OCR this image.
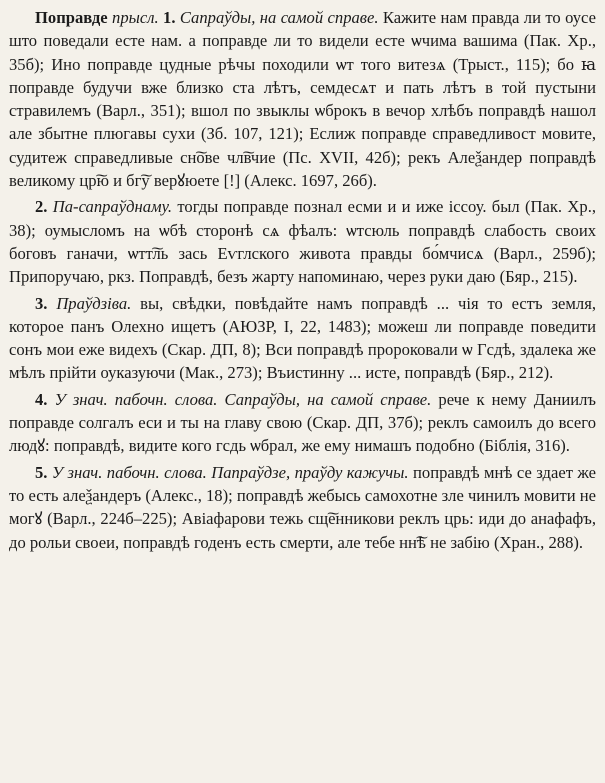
Поправде прысл. 1. Сапраўды, на самой справе. Кажите нам правда ли то оусе што поведали есте нам. а поправде ли то видели есте ѡчима вашима (Пак. Хр., 35б); Ино поправде цудные рѣчы походили ѡт того витезѧ (Трыст., 115); бо ꙗ поправде будучи вже близко ста лѣтъ, семдесѧт и пать лѣтъ в той пустыни стравилемъ (Варл., 351); вшол по звыклы ѡброкъ в вечор хлѣбъ поправдѣ нашол але збытне плюгавы сухи (Зб. 107, 121); Еслиж поправде справедливост мовите, судитеж справедливые сн͠ове чл͠вчие (Пс. XVII, 42б); рекъ Алеѯандер поправдѣ великому цр͠ю и бг͠у верꙋюете [!] (Алекс. 1697, 26б).

2. Па-сапраўднаму. тогды поправде познал есми и и иже іссоу. был (Пак. Хр., 38); оумысломъ на ѡбѣ сторонѣ сѧ фѣалъ: ѡтсюль поправдѣ слабость своих боговъ ганачи, ѡтт͠ль зась Еѵглского живота правды бо́мчисѧ (Варл., 259б); Припоручаю, ркз. Поправдѣ, безъ жарту напоминаю, через руки даю (Бяр., 215).

3. Праўдзіва. вы, свѣдки, повѣдайте намъ поправдѣ ... чія то естъ земля, которое панъ Олехно ищетъ (АЮЗР, I, 22, 1483); можеш ли поправде поведити сонъ мои еже видехъ (Скар. ДП, 8); Вси поправдѣ пророковали ѡ Гсдѣ, здалека же мѣлъ прійти оуказуючи (Мак., 273); Въистинну ... исте, поправдѣ (Бяр., 212).

4. У знач. пабочн. слова. Сапраўды, на самой справе. рече к нему Даниилъ поправде солгалъ еси и ты на главу свою (Скар. ДП, 37б); реклъ самоилъ до всего людꙋ: поправдѣ, видите кого гсдь ѡбрал, же ему нимашъ подобно (Біблія, 316).

5. У знач. пабочн. слова. Папраўдзе, праўду кажучы. поправдѣ мнѣ се здает же то есть алеѯандеръ (Алекс., 18); поправдѣ жебысь самохотне зле чинилъ мовити не могꙋ (Варл., 224б–225); Авіафарови тежь сщ͠енникови реклъ црь: иди до анафафъ, до рольи своеи, поправдѣ годенъ есть смерти, але тебе нн͠ѣ не забію (Хран., 288).
